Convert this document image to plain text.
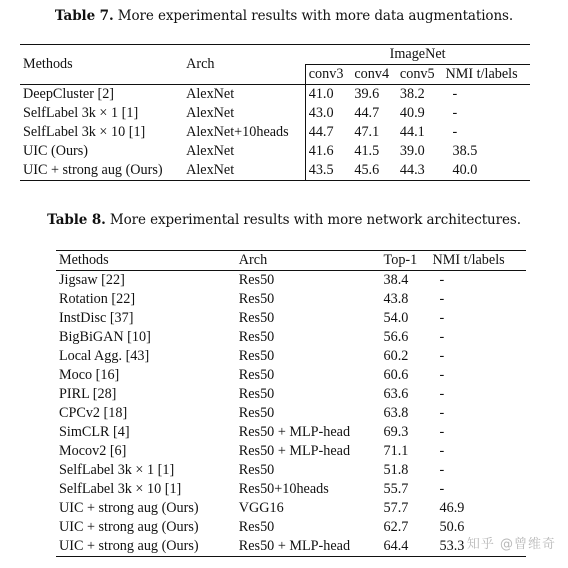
Table 7. More experimental results with more data augmentations.
Methods	Arch	ImageNet			
		conv3	conv4	conv5	NMI t/labels
DeepCluster [2]	AlexNet	41.0	39.6	38.2	-
SelfLabel 3k × 1 [1]	AlexNet	43.0	44.7	40.9	-
SelfLabel 3k × 10 [1]	AlexNet+10heads	44.7	47.1	44.1	-
UIC (Ours)	AlexNet	41.6	41.5	39.0	38.5
UIC + strong aug (Ours)	AlexNet	43.5	45.6	44.3	40.0
Table 8. More experimental results with more network architectures.
Methods	Arch	Top-1	NMI t/labels
Jigsaw [22]	Res50	38.4	-
Rotation [22]	Res50	43.8	-
InstDisc [37]	Res50	54.0	-
BigBiGAN [10]	Res50	56.6	-
Local Agg. [43]	Res50	60.2	-
Moco [16]	Res50	60.6	-
PIRL [28]	Res50	63.6	-
CPCv2 [18]	Res50	63.8	-
SimCLR [4]	Res50 + MLP-head	69.3	-
Mocov2 [6]	Res50 + MLP-head	71.1	-
SelfLabel 3k × 1 [1]	Res50	51.8	-
SelfLabel 3k × 10 [1]	Res50+10heads	55.7	-
UIC + strong aug (Ours)	VGG16	57.7	46.9
UIC + strong aug (Ours)	Res50	62.7	50.6
UIC + strong aug (Ours)	Res50 + MLP-head	64.4	53.3 知乎 @曾维奇
